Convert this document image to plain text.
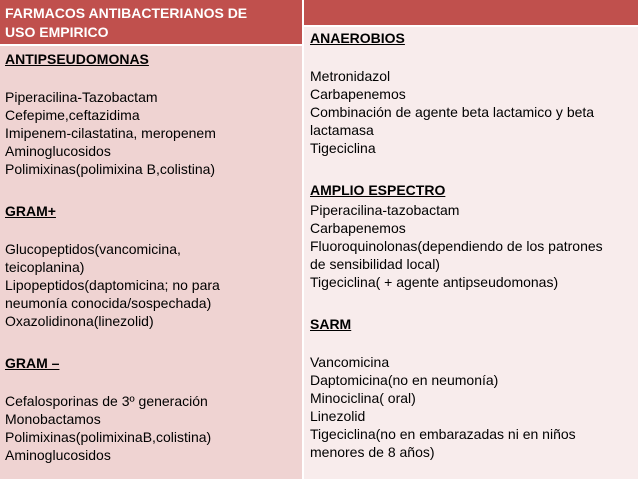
FARMACOS ANTIBACTERIANOS DE
USO EMPIRICO
ANTIPSEUDOMONAS
Piperacilina-Tazobactam
Cefepime,ceftazidima
Imipenem-cilastatina, meropenem
Aminoglucosidos
Polimixinas(polimixina B,colistina)
GRAM+
Glucopeptidos(vancomicina,
teicoplanina)
Lipopeptidos(daptomicina; no para
neumonía conocida/sospechada)
Oxazolidinona(linezolid)
GRAM –
Cefalosporinas de 3º generación
Monobactamos
Polimixinas(polimixinaB,colistina)
Aminoglucosidos
ANAEROBIOS
Metronidazol
Carbapenemos
Combinación de agente beta lactamico y beta
lactamasa
Tigeciclina
AMPLIO ESPECTRO
Piperacilina-tazobactam
Carbapenemos
Fluoroquinolonas(dependiendo de los patrones
de sensibilidad local)
Tigeciclina( + agente antipseudomonas)
SARM
Vancomicina
Daptomicina(no en neumonía)
Minociclina( oral)
Linezolid
Tigeciclina(no en embarazadas ni en niños
menores de 8 años)
